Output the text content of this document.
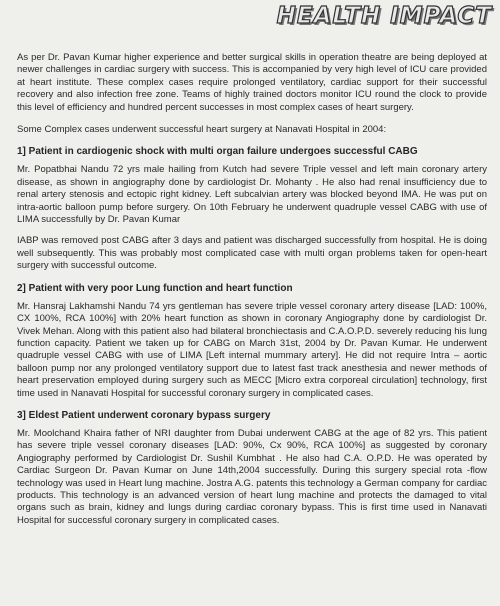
HEALTH IMPACT

As per Dr. Pavan Kumar higher experience and better surgical skills in operation theatre are being deployed at newer challenges in cardiac surgery with success. This is accompanied by very high level of ICU care provided at heart institute. These complex cases require prolonged ventilatory, cardiac support for their successful recovery and also infection free zone. Teams of highly trained doctors monitor ICU round the clock to provide this level of efficiency and hundred percent successes in most complex cases of heart surgery.

Some Complex cases underwent successful heart surgery at Nanavati Hospital in 2004:

1] Patient in cardiogenic shock with multi organ failure undergoes successful CABG

Mr. Popatbhai Nandu 72 yrs male hailing from Kutch had severe Triple vessel and left main coronary artery disease, as shown in angiography done by cardiologist Dr. Mohanty . He also had renal insufficiency due to renal artery stenosis and ectopic right kidney. Left subcalvian artery was blocked beyond IMA. He was put on intra-aortic balloon pump before surgery. On 10th February he underwent quadruple vessel CABG with use of LIMA successfully by Dr. Pavan Kumar

IABP was removed post CABG after 3 days and patient was discharged successfully from hospital. He is doing well subsequently. This was probably most complicated case with multi organ problems taken for open-heart surgery with successful outcome.

2] Patient with very poor Lung function and heart function

Mr. Hansraj Lakhamshi Nandu 74 yrs gentleman has severe triple vessel coronary artery disease [LAD: 100%, CX 100%, RCA 100%] with 20% heart function as shown in coronary Angiography done by cardiologist Dr. Vivek Mehan. Along with this patient also had bilateral bronchiectasis and C.A.O.P.D. severely reducing his lung function capacity. Patient we taken up for CABG on March 31st, 2004 by Dr. Pavan Kumar. He underwent quadruple vessel CABG with use of LIMA [Left internal mummary artery]. He did not require Intra – aortic balloon pump nor any prolonged ventilatory support due to latest fast track anesthesia and newer methods of heart preservation employed during surgery such as MECC [Micro extra corporeal circulation] technology, first time used in Nanavati Hospital for successful coronary surgery in complicated cases.

3] Eldest Patient underwent coronary bypass surgery

Mr. Moolchand Khaira father of NRI daughter from Dubai underwent CABG at the age of 82 yrs. This patient has severe triple vessel coronary diseases [LAD: 90%, Cx 90%, RCA 100%] as suggested by coronary Angiography performed by Cardiologist Dr. Sushil Kumbhat . He also had C.A. O.P.D. He was operated by Cardiac Surgeon Dr. Pavan Kumar on June 14th,2004 successfully. During this surgery special rota -flow technology was used in Heart lung machine. Jostra A.G. patents this technology a German company for cardiac products. This technology is an advanced version of heart lung machine and protects the damaged to vital organs such as brain, kidney and lungs during cardiac coronary bypass. This is first time used in Nanavati Hospital for successful coronary surgery in complicated cases.
